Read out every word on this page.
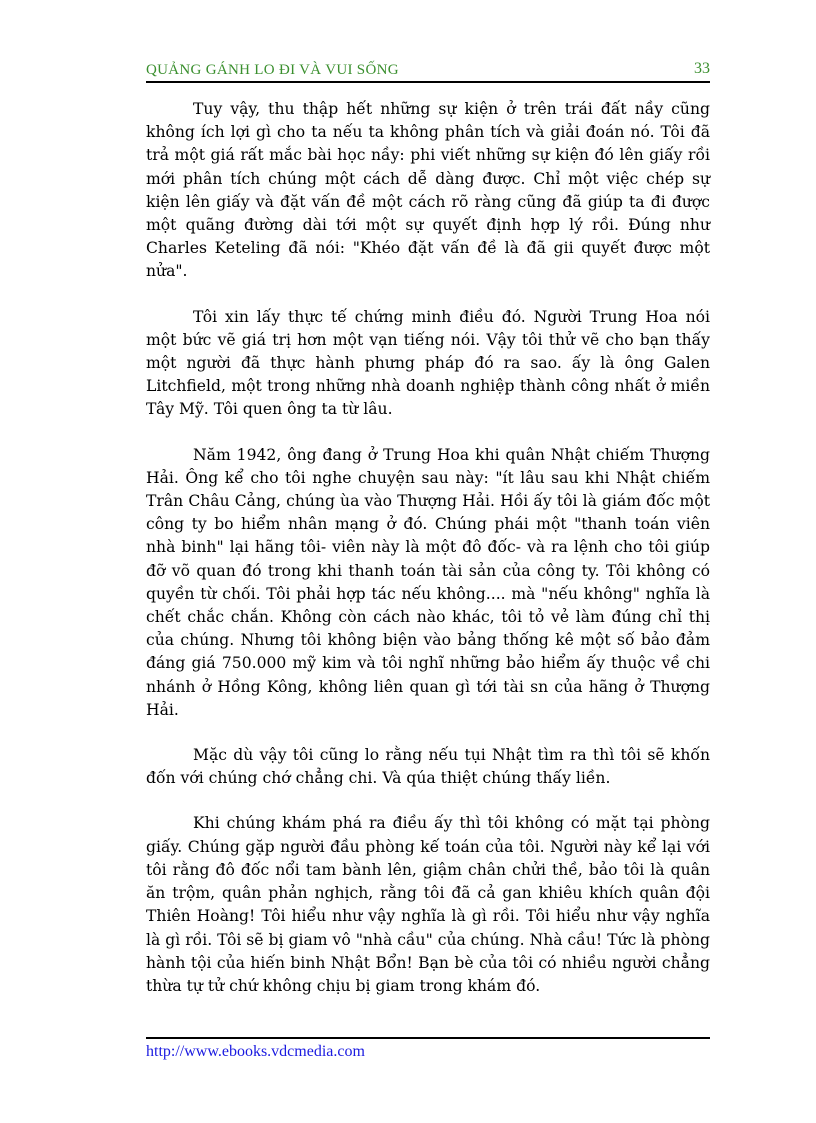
QUẢNG GÁNH LO ĐI VÀ VUI SỐNG	33

Tuy vậy, thu thập hết những sự kiện ở trên trái đất nầy cũng không ích lợi gì cho ta nếu ta không phân tích và giải đoán nó. Tôi đã trả một giá rất mắc bài học nầy: phi viết những sự kiện đó lên giấy rồi mới phân tích chúng một cách dễ dàng được. Chỉ một việc chép sự kiện lên giấy và đặt vấn đề một cách rõ ràng cũng đã giúp ta đi được một quãng đường dài tới một sự quyết định hợp lý rồi. Đúng như Charles Keteling đã nói: "Khéo đặt vấn đề là đã gii quyết được một nửa".

Tôi xin lấy thực tế chứng minh điều đó. Người Trung Hoa nói một bức vẽ giá trị hơn một vạn tiếng nói. Vậy tôi thử vẽ cho bạn thấy một người đã thực hành phưng pháp đó ra sao. ấy là ông Galen Litchfield, một trong những nhà doanh nghiệp thành công nhất ở miền Tây Mỹ. Tôi quen ông ta từ lâu.

Năm 1942, ông đang ở Trung Hoa khi quân Nhật chiếm Thượng Hải. Ông kể cho tôi nghe chuyện sau này: "ít lâu sau khi Nhật chiếm Trân Châu Cảng, chúng ùa vào Thượng Hải. Hồi ấy tôi là giám đốc một công ty bo hiểm nhân mạng ở đó. Chúng phái một "thanh toán viên nhà binh" lại hãng tôi- viên này là một đô đốc- và ra lệnh cho tôi giúp đỡ võ quan đó trong khi thanh toán tài sản của công ty. Tôi không có quyền từ chối. Tôi phải hợp tác nếu không.... mà "nếu không" nghĩa là chết chắc chắn. Không còn cách nào khác, tôi tỏ vẻ làm đúng chỉ thị của chúng. Nhưng tôi không biện vào bảng thống kê một số bảo đảm đáng giá 750.000 mỹ kim và tôi nghĩ những bảo hiểm ấy thuộc về chi nhánh ở Hồng Kông, không liên quan gì tới tài sn của hãng ở Thượng Hải.

Mặc dù vậy tôi cũng lo rằng nếu tụi Nhật tìm ra thì tôi sẽ khốn đốn với chúng chớ chẳng chi. Và qúa thiệt chúng thấy liền.

Khi chúng khám phá ra điều ấy thì tôi không có mặt tại phòng giấy. Chúng gặp người đầu phòng kế toán của tôi. Người này kể lại với tôi rằng đô đốc nổi tam bành lên, giậm chân chửi thề, bảo tôi là quân ăn trộm, quân phản nghịch, rằng tôi đã cả gan khiêu khích quân đội Thiên Hoàng! Tôi hiểu như vậy nghĩa là gì rồi. Tôi hiểu như vậy nghĩa là gì rồi. Tôi sẽ bị giam vô "nhà cầu" của chúng. Nhà cầu! Tức là phòng hành tội của hiến binh Nhật Bổn! Bạn bè của tôi có nhiều người chẳng thừa tự tử chứ không chịu bị giam trong khám đó.

http://www.ebooks.vdcmedia.com
